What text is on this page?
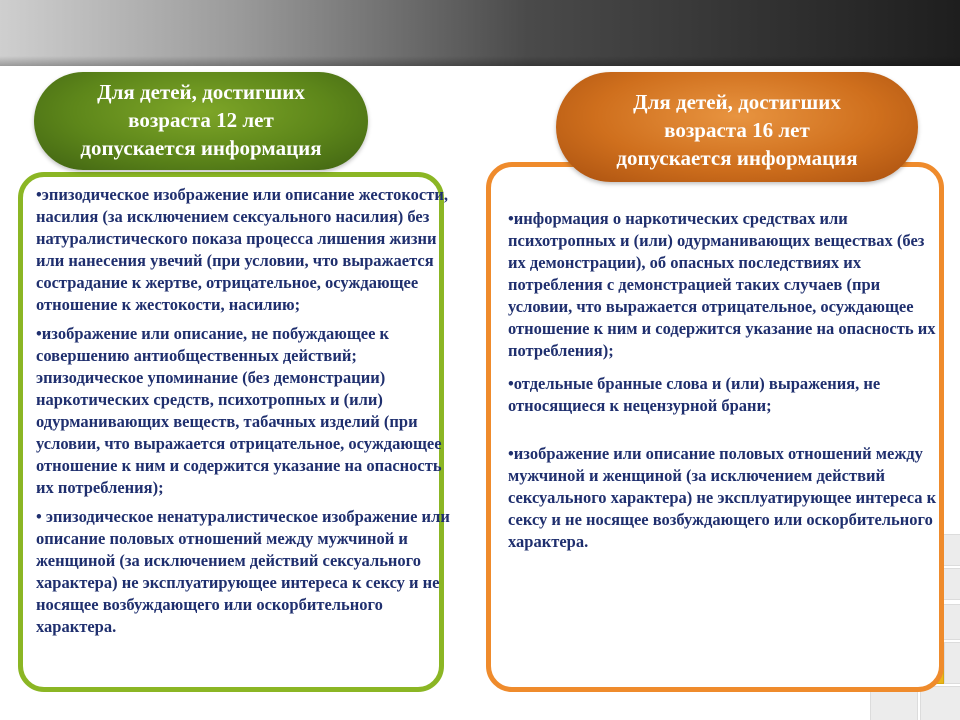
Для детей, достигших
возраста 12 лет
допускается информация

•эпизодическое изображение или описание жестокости, насилия (за исключением сексуального насилия) без натуралистического показа процесса лишения жизни или нанесения увечий (при условии, что выражается сострадание к жертве, отрицательное, осуждающее отношение к жестокости, насилию;

•изображение или описание, не побуждающее к совершению антиобщественных действий; эпизодическое упоминание (без демонстрации) наркотических средств, психотропных и (или) одурманивающих веществ, табачных изделий (при условии, что выражается отрицательное, осуждающее отношение к ним и содержится указание на опасность их потребления);

• эпизодическое ненатуралистическое изображение или описание половых отношений между мужчиной и женщиной (за исключением действий сексуального характера) не эксплуатирующее интереса к сексу и не носящее возбуждающего или оскорбительного характера.

Для детей, достигших
возраста 16 лет
допускается информация

•информация о наркотических средствах или психотропных и (или) одурманивающих веществах (без их демонстрации), об опасных последствиях их потребления с демонстрацией таких случаев (при условии, что выражается отрицательное, осуждающее отношение к ним и содержится указание на опасность их потребления);

•отдельные бранные слова и (или) выражения, не относящиеся к нецензурной брани;

•изображение или описание половых отношений между мужчиной и женщиной (за исключением действий сексуального характера) не эксплуатирующее интереса к сексу и не носящее возбуждающего или оскорбительного характера.
